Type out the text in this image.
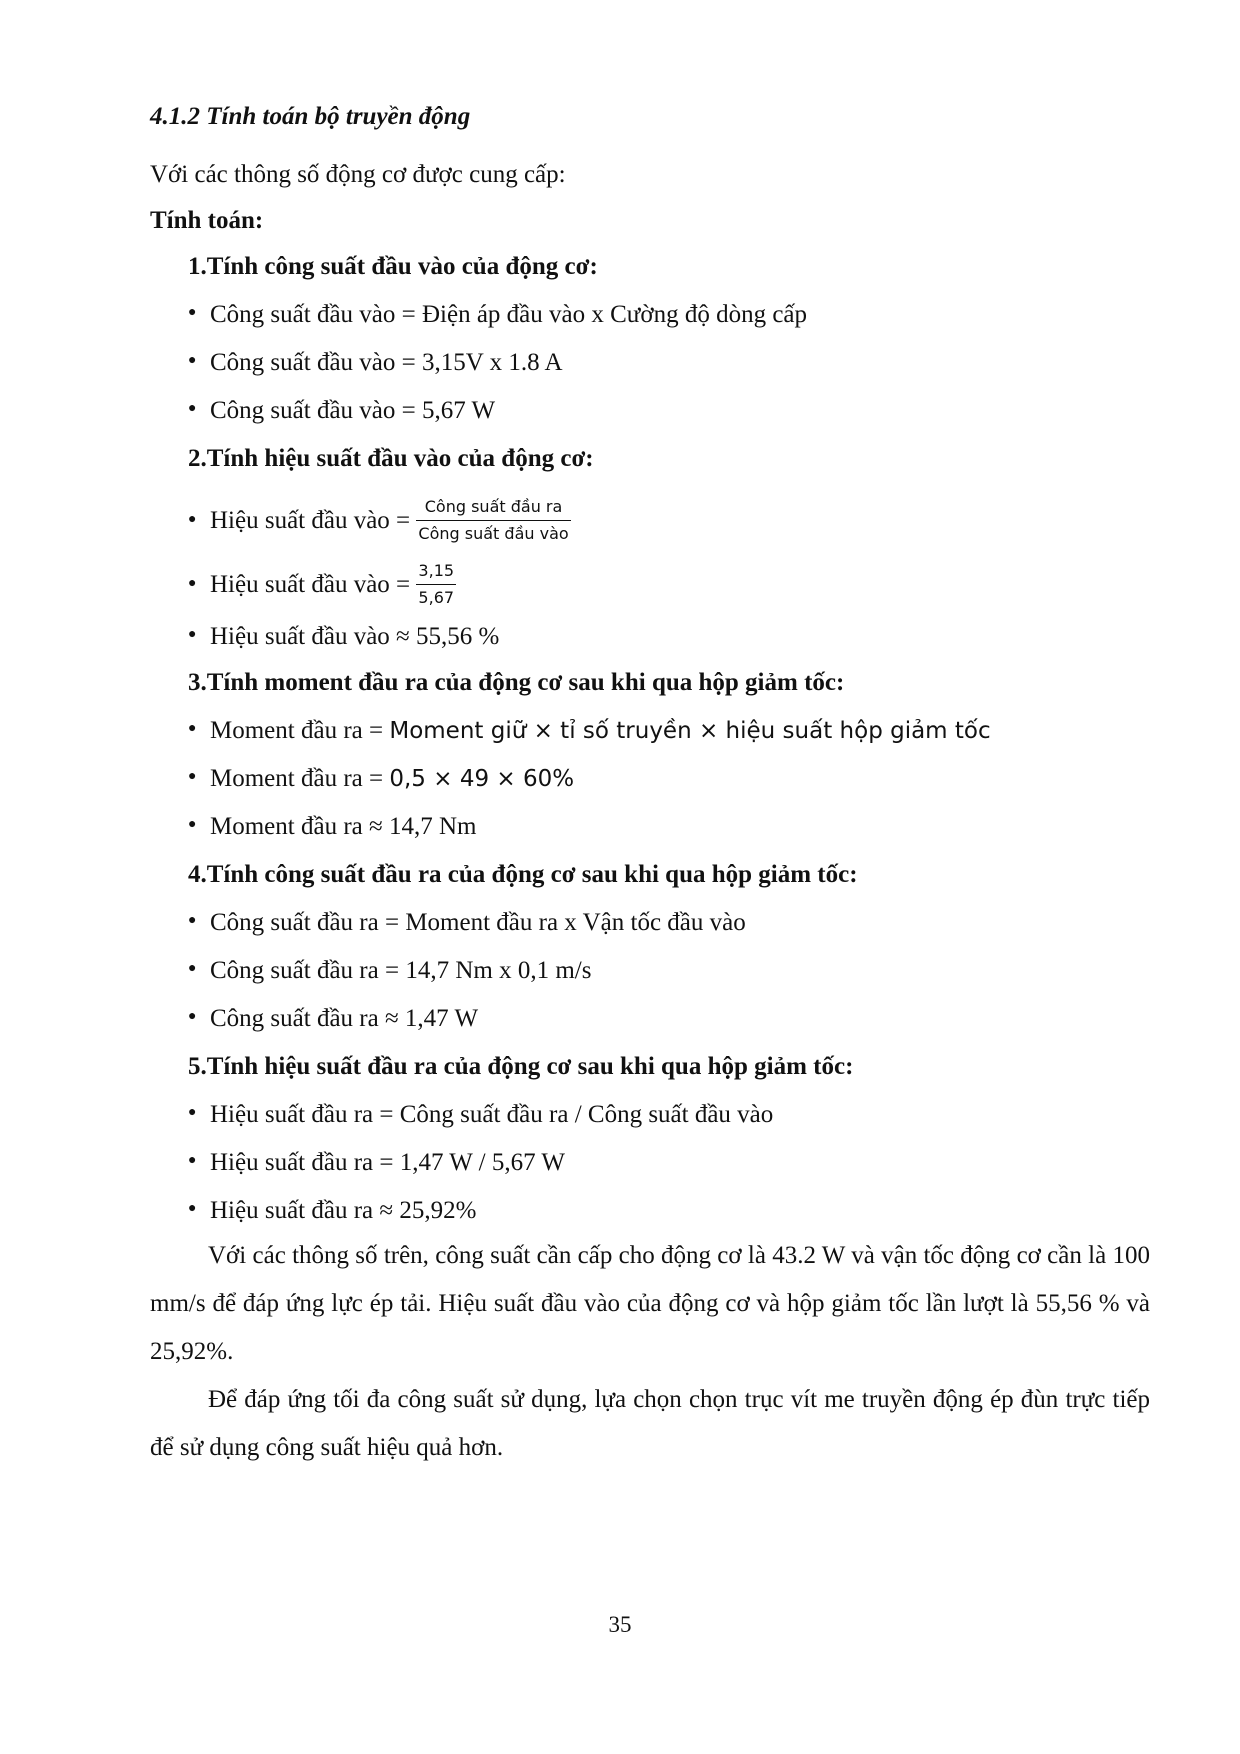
4.1.2 Tính toán bộ truyền động
Với các thông số động cơ được cung cấp:
Tính toán:
1.Tính công suất đầu vào của động cơ:
● Công suất đầu vào = Điện áp đầu vào x Cường độ dòng cấp
● Công suất đầu vào = 3,15V x 1.8 A
● Công suất đầu vào = 5,67 W
2.Tính hiệu suất đầu vào của động cơ:
● Hiệu suất đầu vào = $\frac{\text{Công suất đầu ra}}{\text{Công suất đầu vào}}$
● Hiệu suất đầu vào = $\frac{3,15}{5,67}$
● Hiệu suất đầu vào ≈ 55,56 %
3.Tính moment đầu ra của động cơ sau khi qua hộp giảm tốc:
● Moment đầu ra = Moment giữ × tỉ số truyền × hiệu suất hộp giảm tốc
● Moment đầu ra = 0,5 × 49 × 60%
● Moment đầu ra ≈ 14,7 Nm
4.Tính công suất đầu ra của động cơ sau khi qua hộp giảm tốc:
● Công suất đầu ra = Moment đầu ra x Vận tốc đầu vào
● Công suất đầu ra = 14,7 Nm x 0,1 m/s
● Công suất đầu ra ≈ 1,47 W
5.Tính hiệu suất đầu ra của động cơ sau khi qua hộp giảm tốc:
● Hiệu suất đầu ra = Công suất đầu ra / Công suất đầu vào
● Hiệu suất đầu ra = 1,47 W / 5,67 W
● Hiệu suất đầu ra ≈ 25,92%

Với các thông số trên, công suất cần cấp cho động cơ là 43.2 W và vận tốc động cơ cần là 100 mm/s để đáp ứng lực ép tải. Hiệu suất đầu vào của động cơ và hộp giảm tốc lần lượt là 55,56 % và 25,92%.

Để đáp ứng tối đa công suất sử dụng, lựa chọn chọn trục vít me truyền động ép đùn trực tiếp để sử dụng công suất hiệu quả hơn.

35
